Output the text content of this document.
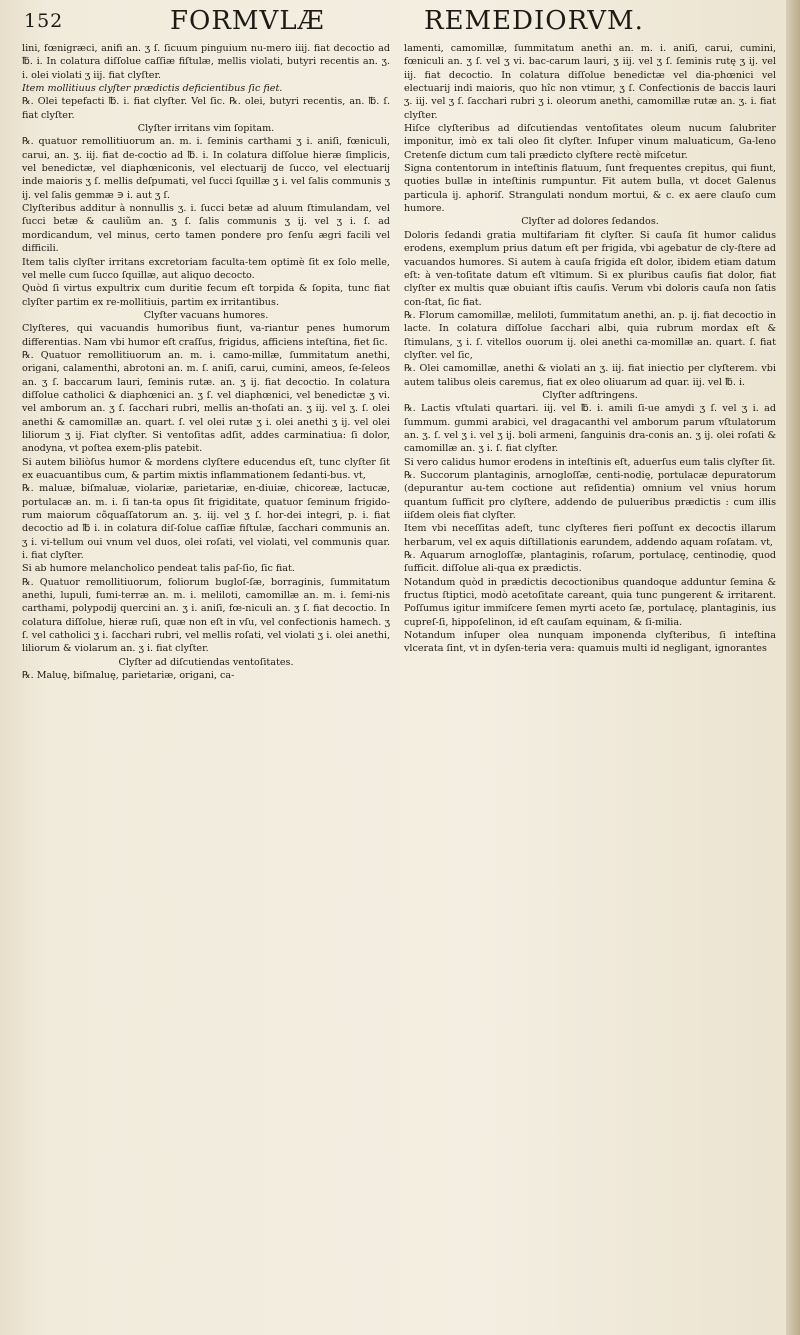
152	FORMVLÆ	REMEDIORVM.

lini, fœnigræci, anifi an. ʒ ſ. ſicuum pinguium nu-mero iiij. fiat decoctio ad ℔. i. In colatura diſſolue caſſiæ fiſtulæ, mellis violati, butyri recentis an. ʒ. i. olei violati ʒ iij. fiat clyſter.

Item mollitiuus clyſter prædictis deficientibus ſic fiet.

℞. Olei tepefacti ℔. i. fiat clyſter. Vel ſic. ℞. olei, butyri recentis, an. ℔. ſ. fiat clyſter.

Clyſter irritans vim ſopitam.

℞. quatuor remollitiuorum an. m. i. ſeminis carthami ʒ i. aniſi, fœniculi, carui, an. ʒ. iij. fiat de-coctio ad ℔. i. In colatura diſſolue hieræ ſimplicis, vel benedictæ, vel diaphœniconis, vel electuarij de ſucco, vel electuarij inde maioris ʒ ſ. mellis deſpumati, vel ſucci ſquillæ ʒ i. vel ſalis communis ʒ ij. vel ſalis gemmæ ∋ i. aut ʒ ſ.

Clyſteribus additur à nonnullis ʒ. i. ſucci betæ ad aluum ſtimulandam, vel ſucci betæ & cauliũm an. ʒ ſ. ſalis communis ʒ ij. vel ʒ i. ſ. ad mordicandum, vel minus, certo tamen pondere pro ſenſu ægri facili vel difficili.

Item talis clyſter irritans excretoriam faculta-tem optimè ſit ex ſolo melle, vel melle cum ſucco ſquillæ, aut aliquo decocto.

Quòd ſi virtus expultrix cum duritie fecum eſt torpida & ſopita, tunc fiat clyſter partim ex re-mollitiuis, partim ex irritantibus.

Clyſter vacuans humores.

Clyſteres, qui vacuandis humoribus fiunt, va-riantur penes humorum differentias. Nam vbi humor eſt craſſus, frigidus, afficiens inteſtina, fiet ſic.

℞. Quatuor remollitiuorum an. m. i. camo-millæ, ſummitatum anethi, origani, calamenthi, abrotoni an. m. ſ. aniſi, carui, cumini, ameos, ſe-ſeleos an. ʒ ſ. baccarum lauri, ſeminis rutæ. an. ʒ ij. fiat decoctio. In colatura diſſolue catholici & diaphœnici an. ʒ ſ. vel diaphœnici, vel benedictæ ʒ vi. vel amborum an. ʒ ſ. ſacchari rubri, mellis an-thoſati an. ʒ iij. vel ʒ. ſ. olei anethi & camomillæ an. quart. ſ. vel olei rutæ ʒ i. olei anethi ʒ ij. vel olei liliorum ʒ ij. Fiat clyſter. Si ventoſitas adſit, addes carminatiua: ſi dolor, anodyna, vt poſtea exem-plis patebit.

Si autem biliòſus humor & mordens clyſtere educendus eſt, tunc clyſter ſit ex euacuantibus cum, & partim mixtis inflammationem ſedanti-bus. vt,

℞. maluæ, biſmaluæ, violariæ, parietariæ, en-diuiæ, chicoreæ, lactucæ, portulacæ an. m. i. ſi tan-ta opus ſit frigiditate, quatuor ſeminum frigido-rum maiorum cõquaſſatorum an. ʒ. iij. vel ʒ ſ. hor-dei integri, p. i. fiat decoctio ad ℔ i. in colatura diſ-ſolue caſſiæ fiſtulæ, ſacchari communis an. ʒ i. vi-tellum oui vnum vel duos, olei roſati, vel violati, vel communis quar. i. fiat clyſter.

Si ab humore melancholico pendeat talis paſ-ſio, ſic fiat.

℞. Quatuor remollitiuorum, foliorum bugloſ-ſæ, borraginis, ſummitatum anethi, lupuli, fumi-terræ an. m. i. meliloti, camomillæ an. m. i. ſemi-nis carthami, polypodij quercini an. ʒ i. aniſi, fœ-niculi an. ʒ ſ. fiat decoctio. In colatura diſſolue, hieræ ruſi, quæ non eſt in vſu, vel confectionis hamech. ʒ ſ. vel catholici ʒ i. ſacchari rubri, vel mellis roſati, vel violati ʒ i. olei anethi, liliorum & violarum an. ʒ i. fiat clyſter.

Clyſter ad diſcutiendas ventoſitates.

℞. Maluę, biſmaluę, parietariæ, origani, ca-

lamenti, camomillæ, ſummitatum anethi an. m. i. aniſi, carui, cumini, fœniculi an. ʒ ſ. vel ʒ vi. bac-carum lauri, ʒ iij. vel ʒ ſ. ſeminis rutę ʒ ij. vel iij. fiat decoctio. In colatura diſſolue benedictæ vel dia-phœnici vel electuarij indi maioris, quo hîc non vtimur, ʒ ſ. Confectionis de baccis lauri ʒ. iij. vel ʒ ſ. ſacchari rubri ʒ i. oleorum anethi, camomillæ rutæ an. ʒ. i. fiat clyſter.

Hiſce clyſteribus ad diſcutiendas ventoſitates oleum nucum ſalubriter imponitur, imò ex tali oleo ſit clyſter. Infuper vinum maluaticum, Ga-leno Cretenſe dictum cum tali prædicto clyſtere rectè miſcetur.

Signa contentorum in inteſtinis flatuum, ſunt frequentes crepitus, qui fiunt, quoties bullæ in inteſtinis rumpuntur. Fit autem bulla, vt docet Galenus particula ij. aphoriſ. Strangulati nondum mortui, & c. ex aere clauſo cum humore.

Clyſter ad dolores ſedandos.

Doloris ſedandi gratia multifariam fit clyſter. Si cauſa ſit humor calidus erodens, exemplum prius datum eſt per frigida, vbi agebatur de cly-ſtere ad vacuandos humores. Si autem à cauſa frigida eſt dolor, ibidem etiam datum eſt: à ven-toſitate datum eſt vltimum. Si ex pluribus cauſis fiat dolor, fiat clyſter ex multis quæ obuiant iſtis cauſis. Verum vbi doloris cauſa non ſatis con-ſtat, ſic fiat.

℞. Florum camomillæ, meliloti, ſummitatum anethi, an. p. ij. fiat decoctio in lacte. In colatura diſſolue ſacchari albi, quia rubrum mordax eſt & ſtimulans, ʒ i. ſ. vitellos ouorum ij. olei anethi ca-momillæ an. quart. ſ. fiat clyſter. vel ſic,

℞. Olei camomillæ, anethi & violati an ʒ. iij. fiat iniectio per clyſterem. vbi autem talibus oleis caremus, fiat ex oleo oliuarum ad quar. iij. vel ℔. i.

Clyſter adſtringens.

℞. Lactis vſtulati quartari. iij. vel ℔. i. amili ſi-ue amydi ʒ ſ. vel ʒ i. ad ſummum. gummi arabici, vel dragacanthi vel amborum parum vſtulatorum an. ʒ. ſ. vel ʒ i. vel ʒ ij. boli armeni, ſanguinis dra-conis an. ʒ ij. olei roſati & camomillæ an. ʒ i. ſ. fiat clyſter.

Si vero calidus humor erodens in inteſtinis eſt, aduerſus eum talis clyſter ſit.

℞. Succorum plantaginis, arnogloſſæ, centi-nodię, portulacæ depuratorum (depurantur au-tem coctione aut reſidentia) omnium vel vnius horum quantum ſufficit pro clyſtere, addendo de pulueribus prædictis : cum illis iiſdem oleis fiat clyſter.

Item vbi neceſſitas adeſt, tunc clyſteres fieri poſſunt ex decoctis illarum herbarum, vel ex aquis diſtillationis earundem, addendo aquam roſatam. vt,

℞. Aquarum arnogloſſæ, plantaginis, roſarum, portulacę, centinodię, quod ſufficit. diſſolue ali-qua ex prædictis.

Notandum quòd in prædictis decoctionibus quandoque adduntur ſemina & fructus ſtiptici, modò acetoſitate careant, quia tunc pungerent & irritarent. Poſſumus igitur immiſcere ſemen myrti aceto ſæ, portulacę, plantaginis, ius cupreſ-ſi, hippoſelinon, id eſt cauſam equinam, & ſi-milia.

Notandum inſuper olea nunquam imponenda clyſteribus, ſi inteſtina vlcerata ſint, vt in dyſen-teria vera: quamuis multi id negligant, ignorantes
